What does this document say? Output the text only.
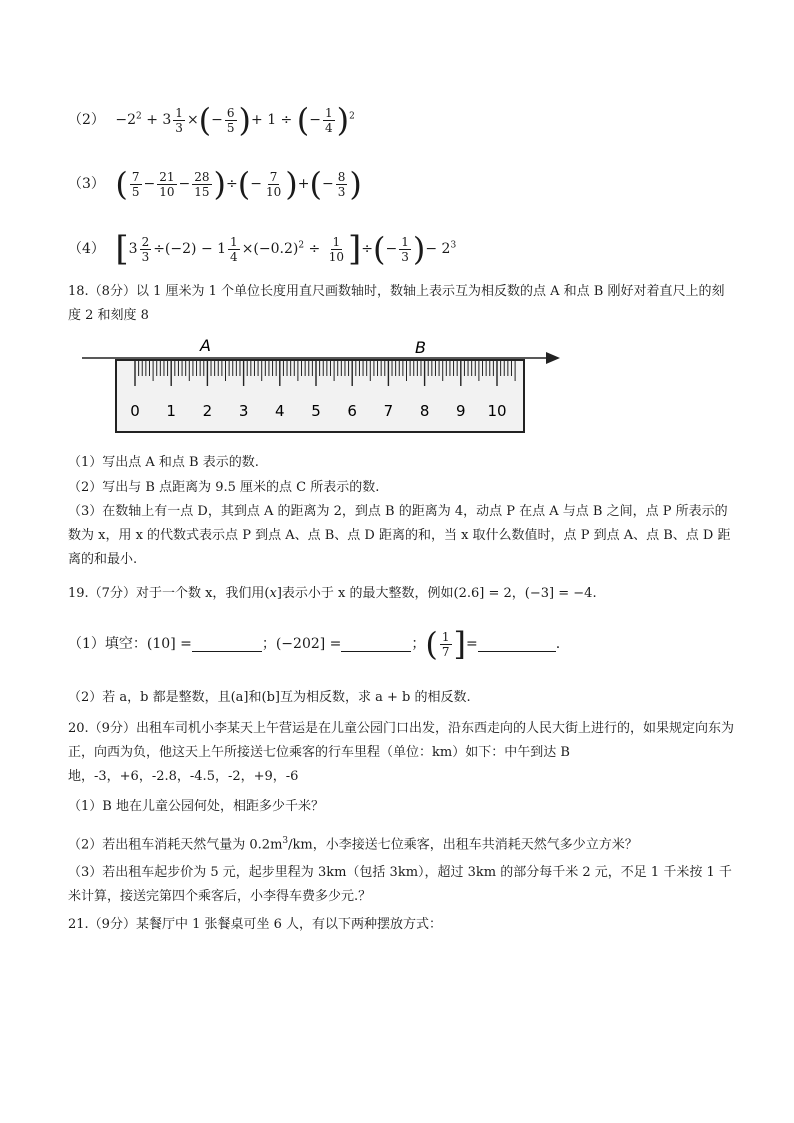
$(2) -2^2 + 3 \frac{1}{3}$ ×(− $\frac{6}{5}$ )+ 1 ÷ (− $\frac{1}{4} )^2$
（3） ( $\frac{7}{5} - \frac{21}{10} - \frac{28}{15}$ )÷(− $\frac{7}{10}$ )+(− $\frac{8}{3}$ )
（4） [$3 \frac{2}{3} \div(-2) - 1 \frac{1}{4} \times(-0.2)^2 \div \frac{1}{10}$ ]÷(− $\frac{1}{3}$ )− $2^3$
18.（8分）以 1 厘米为 1 个单位长度用直尺画数轴时，数轴上表示互为相反数的点 A 和点 B 刚好对着直尺上的刻度 2 和刻度 8
0 1 2 3 4 5 6 7 8 9 10
A	B
（1）写出点 A 和点 B 表示的数.
（2）写出与 B 点距离为 9.5 厘米的点 C 所表示的数.
（3）在数轴上有一点 D，其到点 A 的距离为 2，到点 B 的距离为 4，动点 P 在点 A 与点 B 之间，点 P 所表示的数为 x，用 x 的代数式表示点 P 到点 A、点 B、点 D 距离的和，当 x 取什么数值时，点 P 到点 A、点 B、点 D 距离的和最小.
19.（7分）对于一个数 x，我们用(x]表示小于 x 的最大整数，例如(2.6] = 2，(−3] = −4.
（1）填空：(10] =	；(−202] =	；( $\frac{1}{7}$ ]=	.
（2）若 a，b 都是整数，且(a]和(b]互为相反数，求 a + b 的相反数.
20.（9分）出租车司机小李某天上午营运是在儿童公园门口出发，沿东西走向的人民大街上进行的，如果规定向东为正，向西为负，他这天上午所接送七位乘客的行车里程（单位：km）如下：中午到达 B 地，-3，+6，-2.8，-4.5，-2，+9，-6
（1）B 地在儿童公园何处，相距多少千米？
（2）若出租车消耗天然气量为 $0.2m^3/km$，小李接送七位乘客，出租车共消耗天然气多少立方米？
（3）若出租车起步价为 5 元，起步里程为 3km（包括 3km），超过 3km 的部分每千米 2 元，不足 1 千米按 1 千米计算，接送完第四个乘客后，小李得车费多少元.？
21.（9分）某餐厅中 1 张餐桌可坐 6 人，有以下两种摆放方式：
